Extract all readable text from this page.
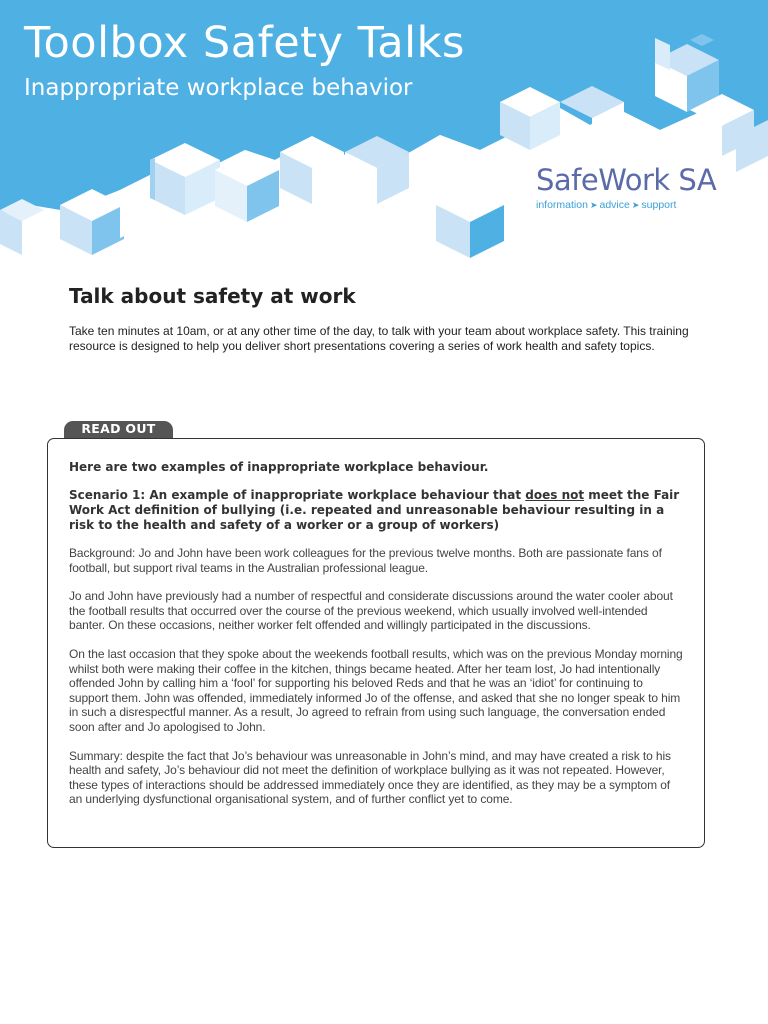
Toolbox Safety Talks
Inappropriate workplace behavior
SafeWork SA
information ➤ advice ➤ support
Talk about safety at work

Take ten minutes at 10am, or at any other time of the day, to talk with your team about workplace safety. This training resource is designed to help you deliver short presentations covering a series of work health and safety topics.

READ OUT

Here are two examples of inappropriate workplace behaviour.

Scenario 1: An example of inappropriate workplace behaviour that does not meet the Fair Work Act definition of bullying (i.e. repeated and unreasonable behaviour resulting in a risk to the health and safety of a worker or a group of workers)

Background: Jo and John have been work colleagues for the previous twelve months. Both are passionate fans of football, but support rival teams in the Australian professional league.

Jo and John have previously had a number of respectful and considerate discussions around the water cooler about the football results that occurred over the course of the previous weekend, which usually involved well-intended banter. On these occasions, neither worker felt offended and willingly participated in the discussions.

On the last occasion that they spoke about the weekends football results, which was on the previous Monday morning whilst both were making their coffee in the kitchen, things became heated. After her team lost, Jo had intentionally offended John by calling him a ‘fool’ for supporting his beloved Reds and that he was an ‘idiot’ for continuing to support them. John was offended, immediately informed Jo of the offense, and asked that she no longer speak to him in such a disrespectful manner. As a result, Jo agreed to refrain from using such language, the conversation ended soon after and Jo apologised to John.

Summary: despite the fact that Jo’s behaviour was unreasonable in John’s mind, and may have created a risk to his health and safety, Jo’s behaviour did not meet the definition of workplace bullying as it was not repeated. However, these types of interactions should be addressed immediately once they are identified, as they may be a symptom of an underlying dysfunctional organisational system, and of further conflict yet to come.
